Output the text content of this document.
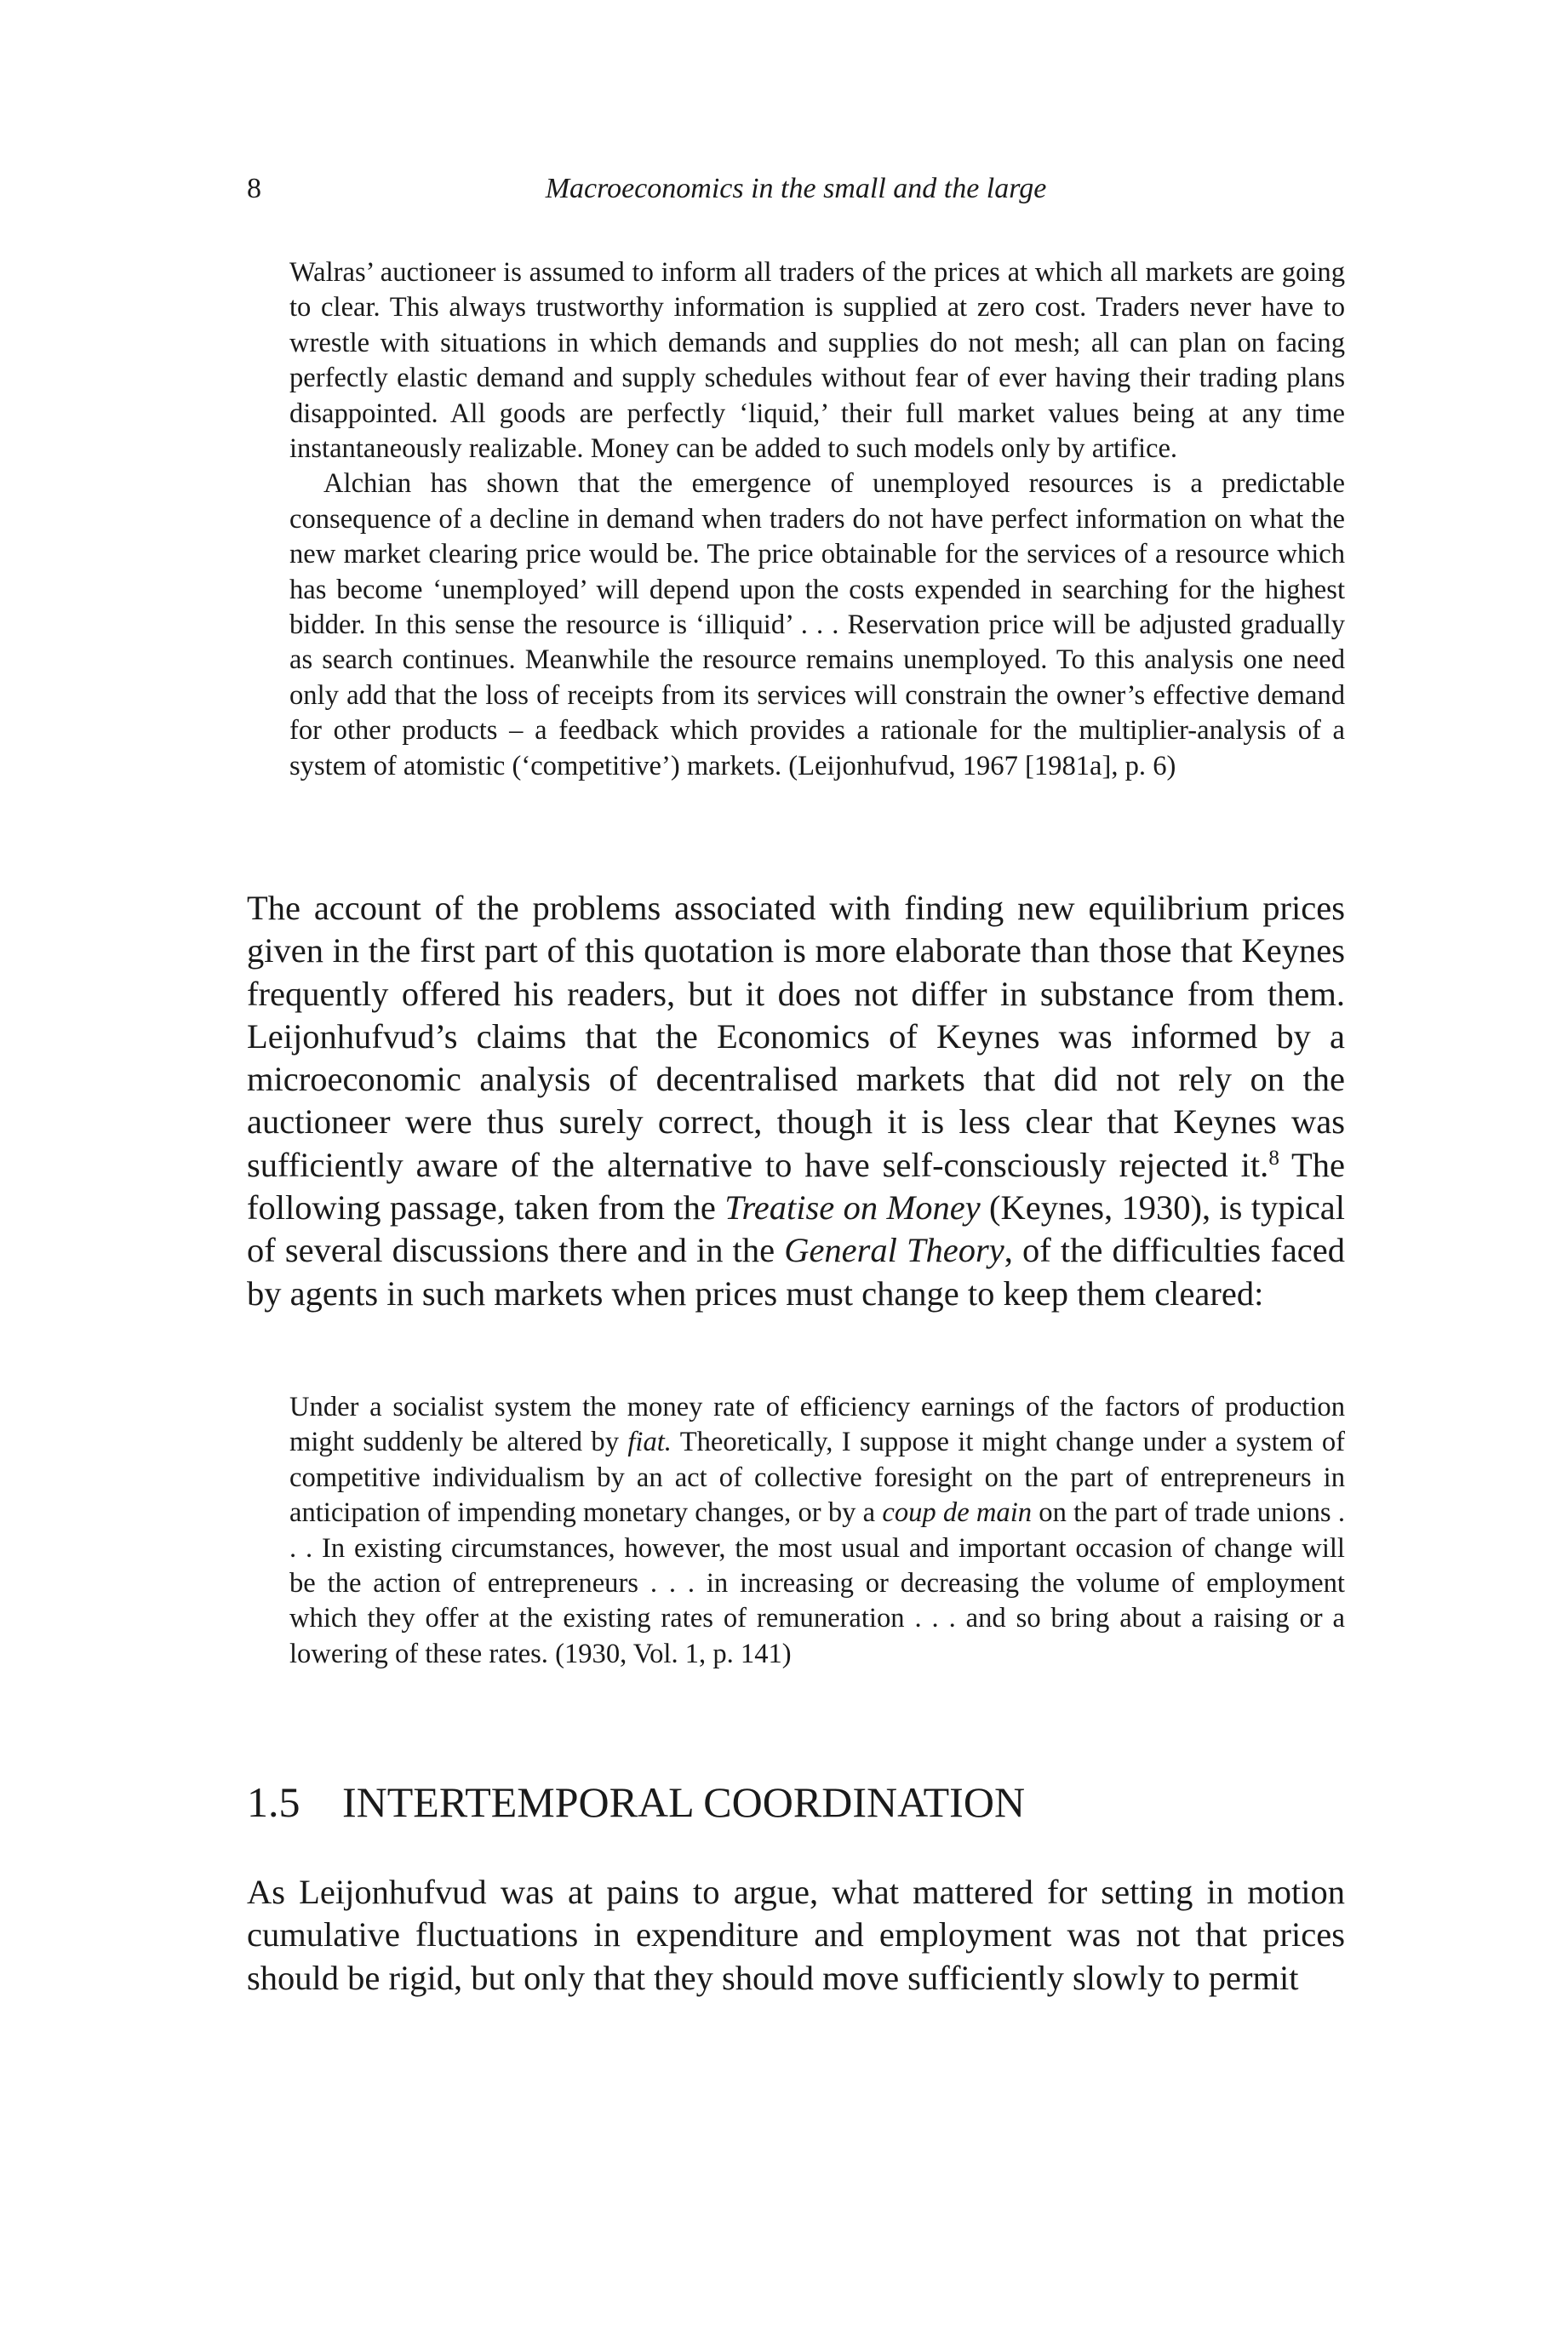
8	Macroeconomics in the small and the large

Walras’ auctioneer is assumed to inform all traders of the prices at which all markets are going to clear. This always trustworthy information is supplied at zero cost. Traders never have to wrestle with situations in which demands and supplies do not mesh; all can plan on facing perfectly elastic demand and supply schedules without fear of ever having their trading plans disappointed. All goods are perfectly ‘liquid,’ their full market values being at any time instantaneously realizable. Money can be added to such models only by artifice.

Alchian has shown that the emergence of unemployed resources is a predictable consequence of a decline in demand when traders do not have perfect information on what the new market clearing price would be. The price obtainable for the services of a resource which has become ‘unemployed’ will depend upon the costs expended in searching for the highest bidder. In this sense the resource is ‘illiquid’ . . . Reservation price will be adjusted gradually as search continues. Meanwhile the resource remains unemployed. To this analysis one need only add that the loss of receipts from its services will constrain the owner’s effective demand for other products – a feedback which provides a rationale for the multiplier-analysis of a system of atomistic (‘competitive’) markets. (Leijonhufvud, 1967 [1981a], p. 6)

The account of the problems associated with finding new equilibrium prices given in the first part of this quotation is more elaborate than those that Keynes frequently offered his readers, but it does not differ in substance from them. Leijonhufvud’s claims that the Economics of Keynes was informed by a microeconomic analysis of decentralised markets that did not rely on the auctioneer were thus surely correct, though it is less clear that Keynes was sufficiently aware of the alternative to have self-consciously rejected it.$^8$ The following passage, taken from the Treatise on Money (Keynes, 1930), is typical of several discussions there and in the General Theory, of the difficulties faced by agents in such markets when prices must change to keep them cleared:

Under a socialist system the money rate of efficiency earnings of the factors of production might suddenly be altered by fiat. Theoretically, I suppose it might change under a system of competitive individualism by an act of collective foresight on the part of entrepreneurs in anticipation of impending monetary changes, or by a coup de main on the part of trade unions . . . In existing circumstances, however, the most usual and important occasion of change will be the action of entrepreneurs . . . in increasing or decreasing the volume of employment which they offer at the existing rates of remuneration . . . and so bring about a raising or a lowering of these rates. (1930, Vol. 1, p. 141)

1.5 INTERTEMPORAL COORDINATION

As Leijonhufvud was at pains to argue, what mattered for setting in motion cumulative fluctuations in expenditure and employment was not that prices should be rigid, but only that they should move sufficiently slowly to permit
